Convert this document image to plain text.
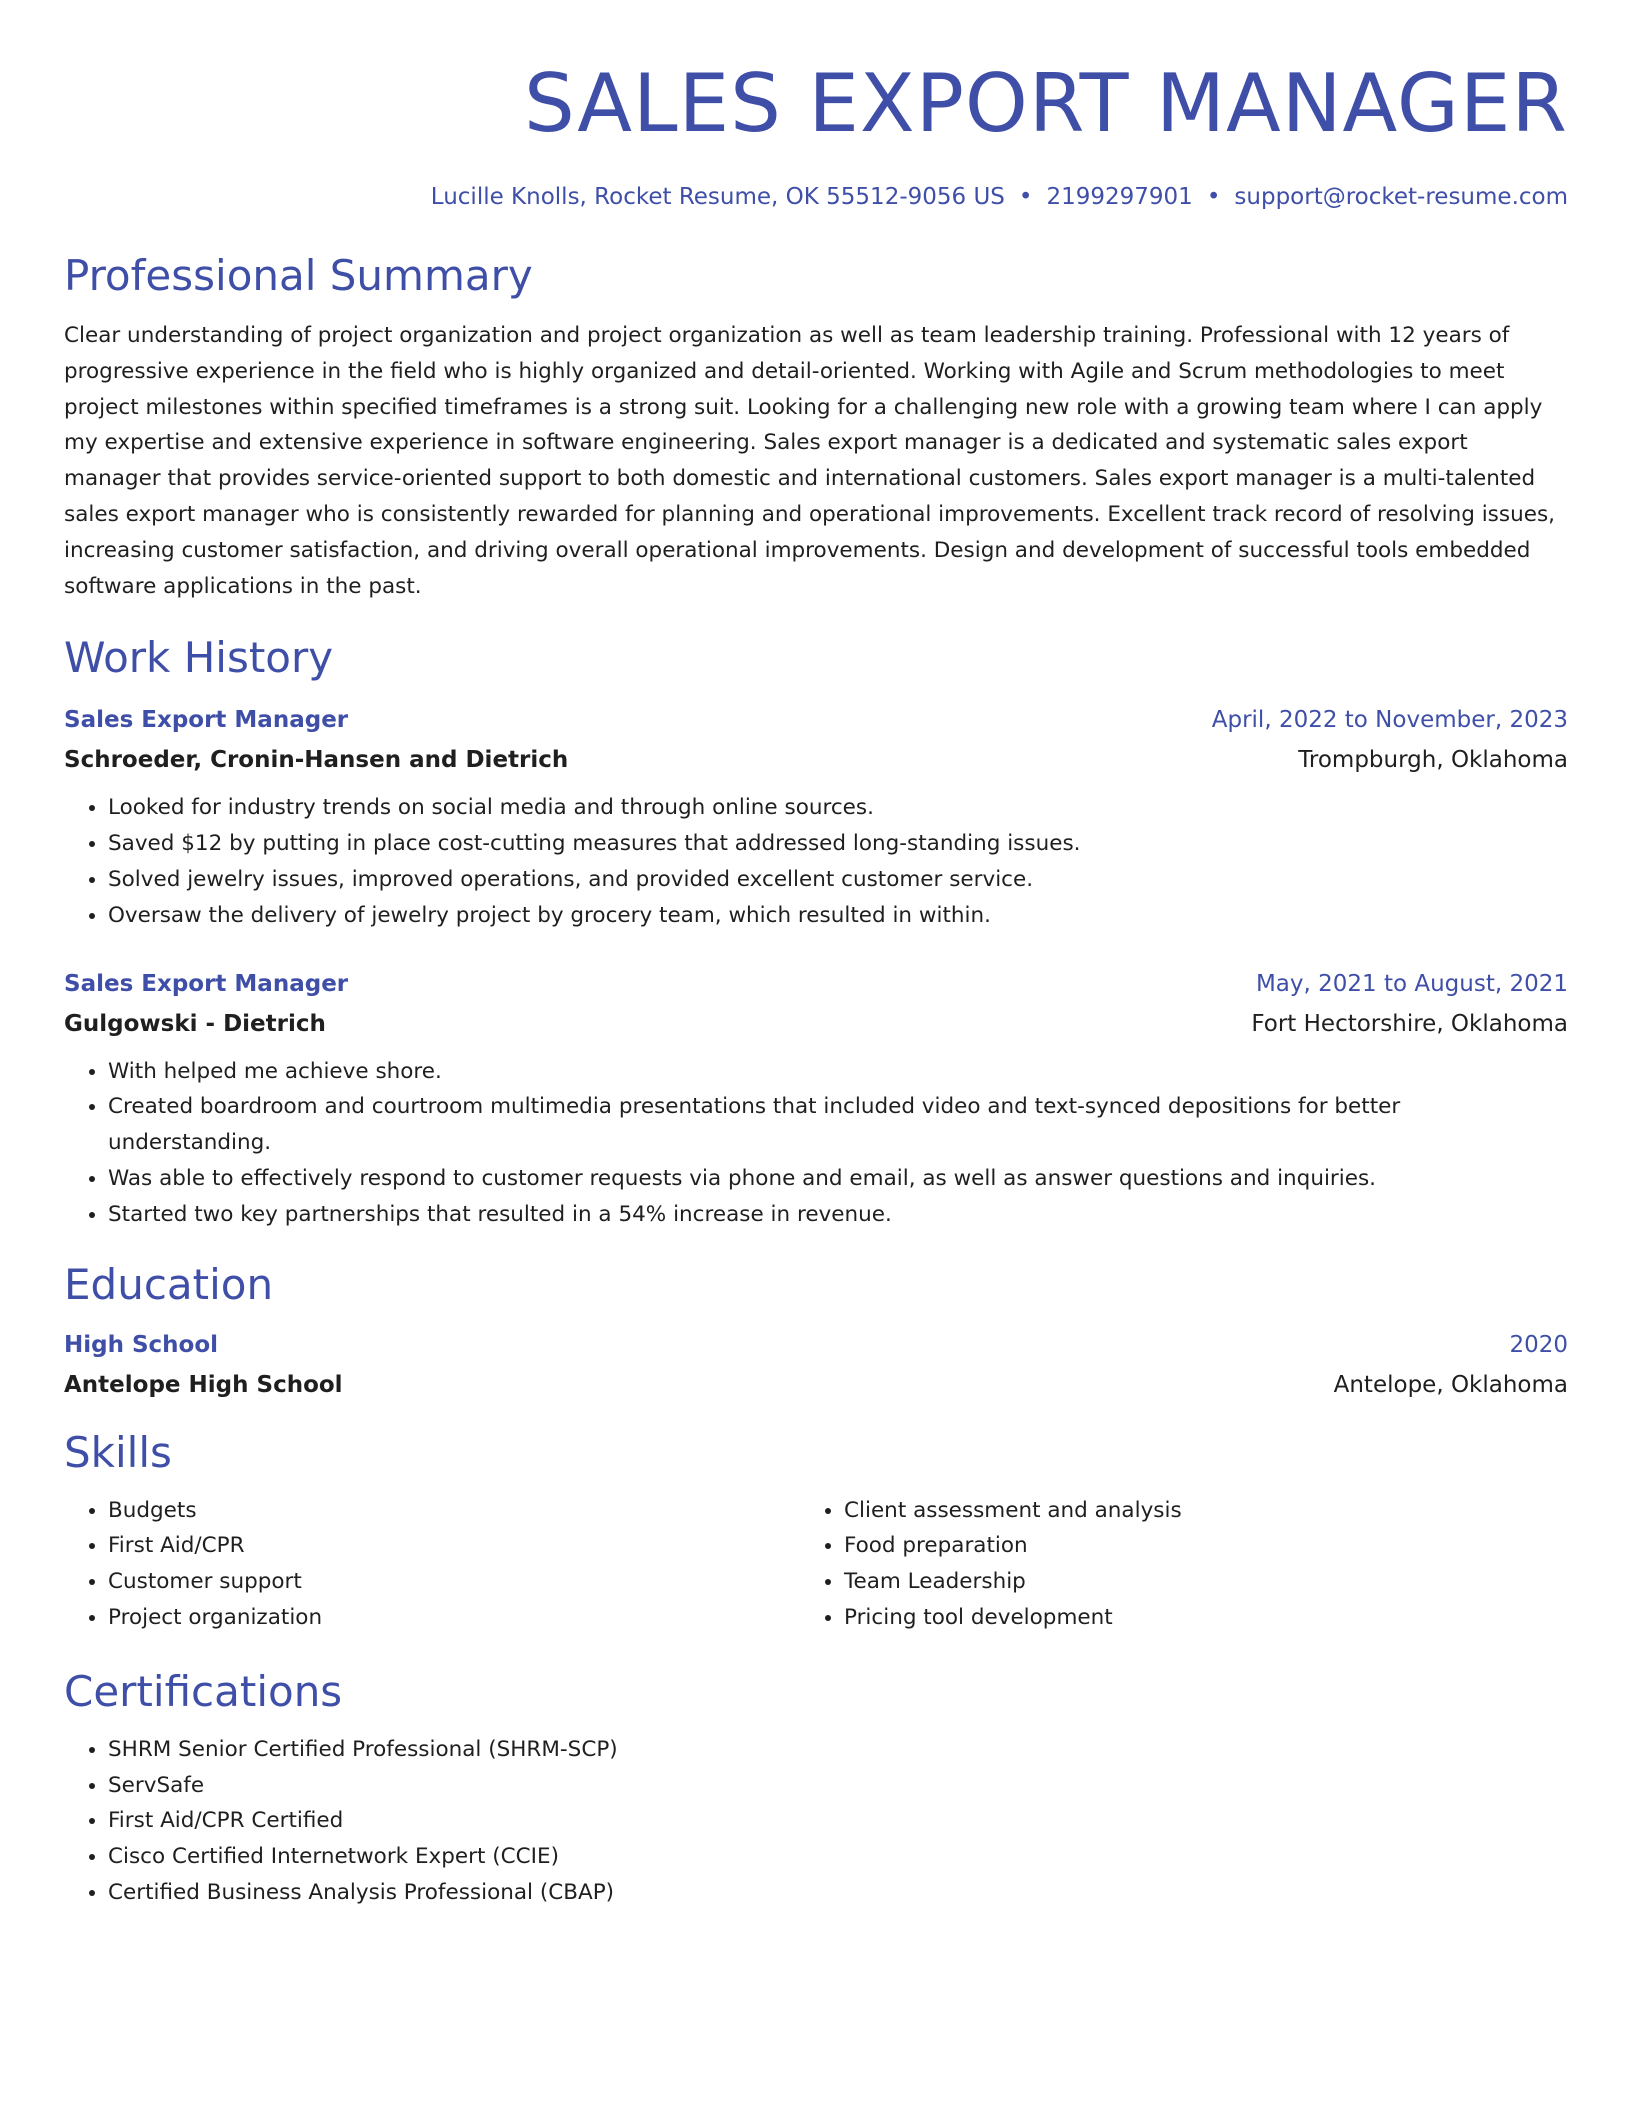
SALES EXPORT MANAGER
Lucille Knolls, Rocket Resume, OK 55512-9056 US • 2199297901 • support@rocket-resume.com
Professional Summary
Clear understanding of project organization and project organization as well as team leadership training. Professional with 12 years of progressive experience in the field who is highly organized and detail-oriented. Working with Agile and Scrum methodologies to meet project milestones within specified timeframes is a strong suit. Looking for a challenging new role with a growing team where I can apply my expertise and extensive experience in software engineering. Sales export manager is a dedicated and systematic sales export manager that provides service-oriented support to both domestic and international customers. Sales export manager is a multi-talented sales export manager who is consistently rewarded for planning and operational improvements. Excellent track record of resolving issues, increasing customer satisfaction, and driving overall operational improvements. Design and development of successful tools embedded software applications in the past.
Work History
Sales Export Manager	April, 2022 to November, 2023
Schroeder, Cronin-Hansen and Dietrich	Trompburgh, Oklahoma
• Looked for industry trends on social media and through online sources.
• Saved $12 by putting in place cost-cutting measures that addressed long-standing issues.
• Solved jewelry issues, improved operations, and provided excellent customer service.
• Oversaw the delivery of jewelry project by grocery team, which resulted in within.
Sales Export Manager	May, 2021 to August, 2021
Gulgowski - Dietrich	Fort Hectorshire, Oklahoma
• With helped me achieve shore.
• Created boardroom and courtroom multimedia presentations that included video and text-synced depositions for better understanding.
• Was able to effectively respond to customer requests via phone and email, as well as answer questions and inquiries.
• Started two key partnerships that resulted in a 54% increase in revenue.
Education
High School	2020
Antelope High School	Antelope, Oklahoma
Skills
• Budgets
• First Aid/CPR
• Customer support
• Project organization
• Client assessment and analysis
• Food preparation
• Team Leadership
• Pricing tool development
Certifications
• SHRM Senior Certified Professional (SHRM-SCP)
• ServSafe
• First Aid/CPR Certified
• Cisco Certified Internetwork Expert (CCIE)
• Certified Business Analysis Professional (CBAP)
